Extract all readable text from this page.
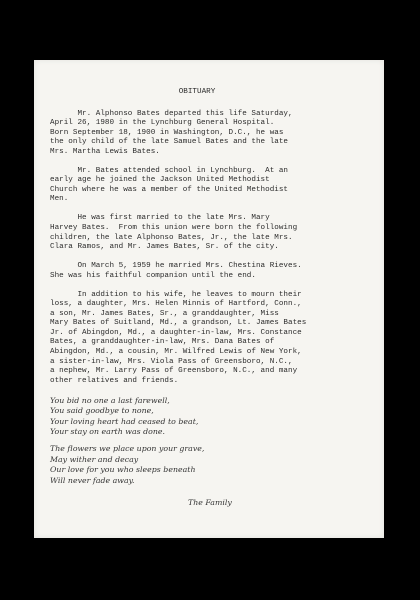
OBITUARY
Mr. Alphonso Bates departed this life Saturday,
April 26, 1980 in the Lynchburg General Hospital.
Born September 18, 1900 in Washington, D.C., he was
the only child of the late Samuel Bates and the late
Mrs. Martha Lewis Bates.
Mr. Bates attended school in Lynchburg.  At an
early age he joined the Jackson United Methodist
Church where he was a member of the United Methodist
Men.
He was first married to the late Mrs. Mary
Harvey Bates.  From this union were born the following
children, the late Alphonso Bates, Jr., the late Mrs.
Clara Ramos, and Mr. James Bates, Sr. of the city.
On March 5, 1959 he married Mrs. Chestina Rieves.
She was his faithful companion until the end.
In addition to his wife, he leaves to mourn their
loss, a daughter, Mrs. Helen Minnis of Hartford, Conn.,
a son, Mr. James Bates, Sr., a granddaughter, Miss
Mary Bates of Suitland, Md., a grandson, Lt. James Bates
Jr. of Abingdon, Md., a daughter-in-law, Mrs. Constance
Bates, a granddaughter-in-law, Mrs. Dana Bates of
Abingdon, Md., a cousin, Mr. Wilfred Lewis of New York,
a sister-in-law, Mrs. Viola Pass of Greensboro, N.C.,
a nephew, Mr. Larry Pass of Greensboro, N.C., and many
other relatives and friends.
You bid no one a last farewell,
You said goodbye to none,
Your loving heart had ceased to beat,
Your stay on earth was done.
The flowers we place upon your grave,
May wither and decay
Our love for you who sleeps beneath
Will never fade away.
The Family
